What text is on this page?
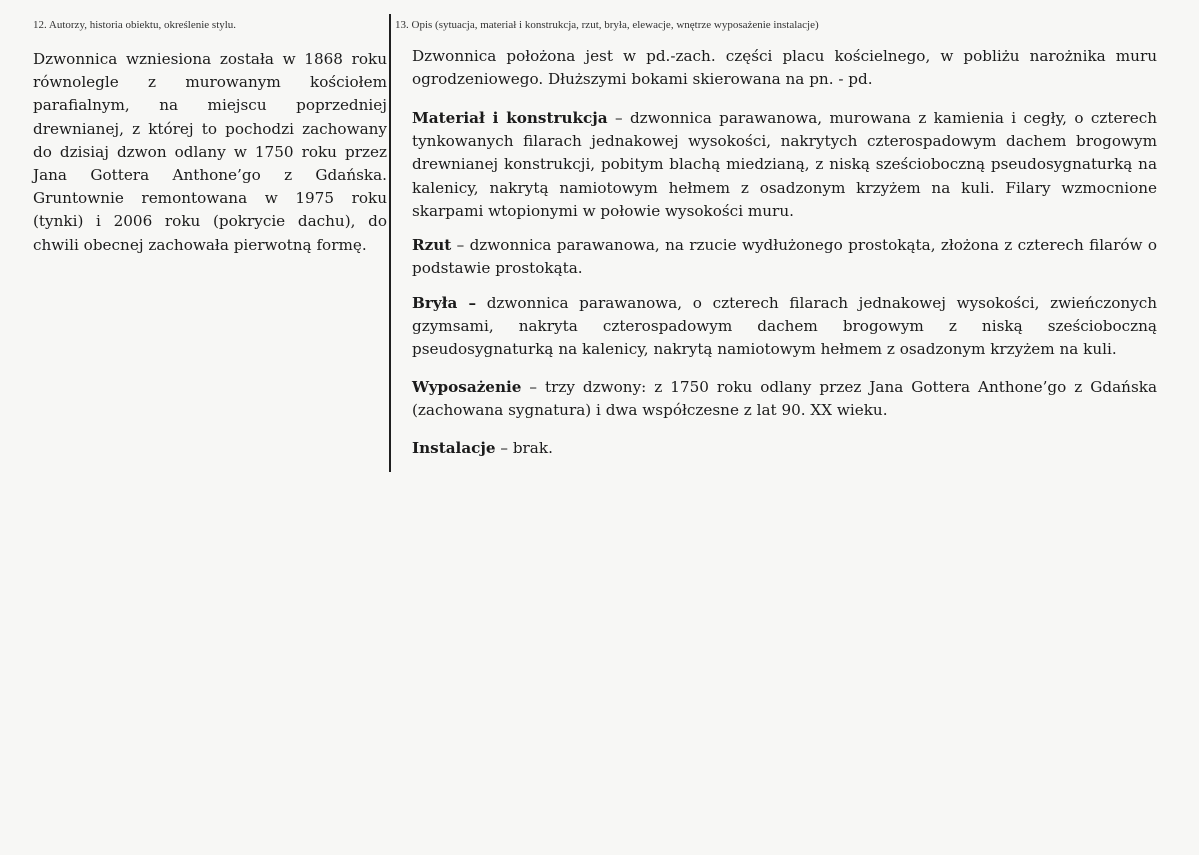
12. Autorzy, historia obiektu, określenie stylu.

Dzwonnica wzniesiona została w 1868 roku równolegle z murowanym kościołem parafialnym, na miejscu poprzedniej drewnianej, z której to pochodzi zachowany do dzisiaj dzwon odlany w 1750 roku przez Jana Gottera Anthone’go z Gdańska. Gruntownie remontowana w 1975 roku (tynki) i 2006 roku (pokrycie dachu), do chwili obecnej zachowała pierwotną formę.

13. Opis (sytuacja, materiał i konstrukcja, rzut, bryła, elewacje, wnętrze wyposażenie instalacje)

Dzwonnica położona jest w pd.-zach. części placu kościelnego, w pobliżu narożnika muru ogrodzeniowego. Dłuższymi bokami skierowana na pn. - pd.

Materiał i konstrukcja – dzwonnica parawanowa, murowana z kamienia i cegły, o czterech tynkowanych filarach jednakowej wysokości, nakrytych czterospadowym dachem brogowym drewnianej konstrukcji, pobitym blachą miedzianą, z niską sześcioboczną pseudosygnaturką na kalenicy, nakrytą namiotowym hełmem z osadzonym krzyżem na kuli. Filary wzmocnione skarpami wtopionymi w połowie wysokości muru.

Rzut – dzwonnica parawanowa, na rzucie wydłużonego prostokąta, złożona z czterech filarów o podstawie prostokąta.

Bryła – dzwonnica parawanowa, o czterech filarach jednakowej wysokości, zwieńczonych gzymsami, nakryta czterospadowym dachem brogowym z niską sześcioboczną pseudosygnaturką na kalenicy, nakrytą namiotowym hełmem z osadzonym krzyżem na kuli.

Wyposażenie – trzy dzwony: z 1750 roku odlany przez Jana Gottera Anthone’go z Gdańska (zachowana sygnatura) i dwa współczesne z lat 90. XX wieku.

Instalacje – brak.
